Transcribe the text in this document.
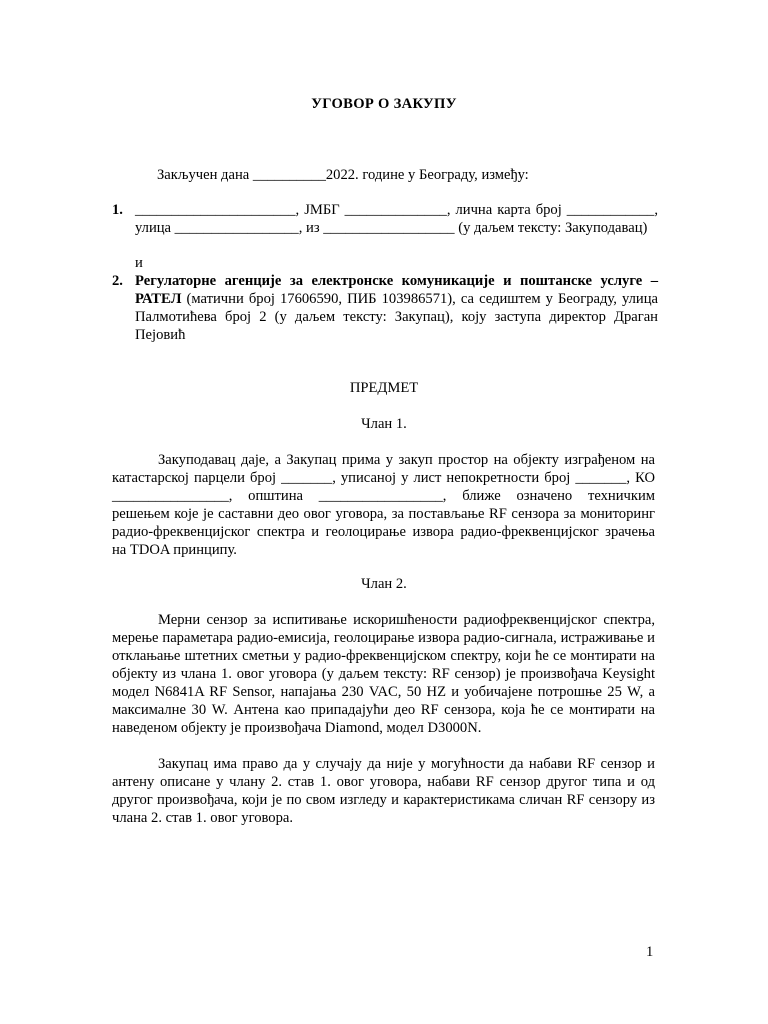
УГОВОР О ЗАКУПУ
Закључен дана __________2022. године у Београду, између:
1. ______________________, ЈМБГ ______________, лична карта број ____________, улица _________________, из __________________ (у даљем тексту: Закуподавац)
и
2. Регулаторне агенције за електронске комуникације и поштанске услуге – РАТЕЛ (матични број 17606590, ПИБ 103986571), са седиштем у Београду, улица Палмотићева број 2 (у даљем тексту: Закупац), коју заступа директор Драган Пејовић
ПРЕДМЕТ
Члан 1.
Закуподавац даје, а Закупац прима у закуп простор на објекту изграђеном на катастарској парцели број _______, уписаној у лист непокретности број _______, КО ________________, општина _________________, ближе означено техничким решењем које је саставни део овог уговора, за постављање RF сензора за мониторинг радио-фреквенцијског спектра и геолоцирање извора радио-фреквенцијског зрачења на TDOA принципу.
Члан 2.
Мерни сензор за испитивање искоришћености радиофреквенцијског спектра, мерење параметара радио-емисија, геолоцирање извора радио-сигнала, истраживање и отклањање штетних сметњи у радио-фреквенцијском спектру, који ће се монтирати на објекту из члана 1. овог уговора (у даљем тексту: RF сензор) је произвођача Keysight модел N6841A RF Sensor, напајања 230 VAC, 50 HZ и уобичајене потрошње 25 W, а максималне 30 W. Антена као припадајући део RF сензора, која ће се монтирати на наведеном објекту је произвођача Diamond, модел D3000N.
Закупац има право да у случају да није у могућности да набави RF сензор и антену описане у члану 2. став 1. овог уговора, набави RF сензор другог типа и од другог произвођача, који је по свом изгледу и карактеристикама сличан RF сензору из члана 2. став 1. овог уговора.
1
